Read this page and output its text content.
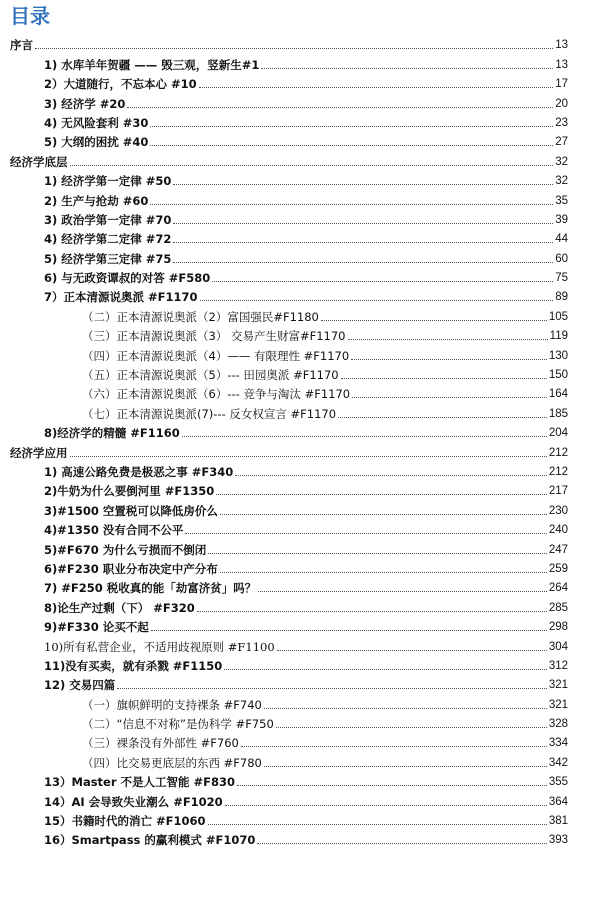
目录
序言	13
1) 水库羊年贺疆 —— 毁三观，竖新生#1	13
2）大道随行，不忘本心 #10	17
3) 经济学 #20	20
4) 无风险套利 #30	23
5) 大纲的困扰 #40	27
经济学底层	32
1) 经济学第一定律 #50	32
2) 生产与抢劫 #60	35
3) 政治学第一定律 #70	39
4) 经济学第二定律 #72	44
5) 经济学第三定律 #75	60
6) 与无政资谭叔的对答 #F580	75
7）正本清源说奥派 #F1170	89
（二）正本清源说奥派（2）富国强民#F1180	105
（三）正本清源说奥派（3） 交易产生财富#F1170	119
（四）正本清源说奥派（4）—— 有限理性 #F1170	130
（五）正本清源说奥派（5）--- 田园奥派 #F1170	150
（六）正本清源说奥派（6）--- 竞争与淘汰 #F1170	164
（七）正本清源说奥派(7)--- 反女权宣言 #F1170	185
8)经济学的精髓 #F1160	204
经济学应用	212
1) 高速公路免费是极恶之事 #F340	212
2)牛奶为什么要倒河里 #F1350	217
3)#1500 空置税可以降低房价么	230
4)#1350 没有合同不公平	240
5)#F670 为什么亏损而不倒闭	247
6)#F230 职业分布决定中产分布	259
7) #F250 税收真的能「劫富济贫」吗？	264
8)论生产过剩（下） #F320	285
9)#F330 论买不起	298
10)所有私营企业，不适用歧视原则 #F1100	304
11)没有买卖，就有杀戮 #F1150	312
12) 交易四篇	321
（一）旗帜鲜明的支持裸条 #F740	321
（二）“信息不对称”是伪科学 #F750	328
（三）裸条没有外部性 #F760	334
（四）比交易更底层的东西 #F780	342
13）Master 不是人工智能 #F830	355
14）AI 会导致失业潮么 #F1020	364
15）书籍时代的消亡 #F1060	381
16）Smartpass 的赢利模式 #F1070	393
